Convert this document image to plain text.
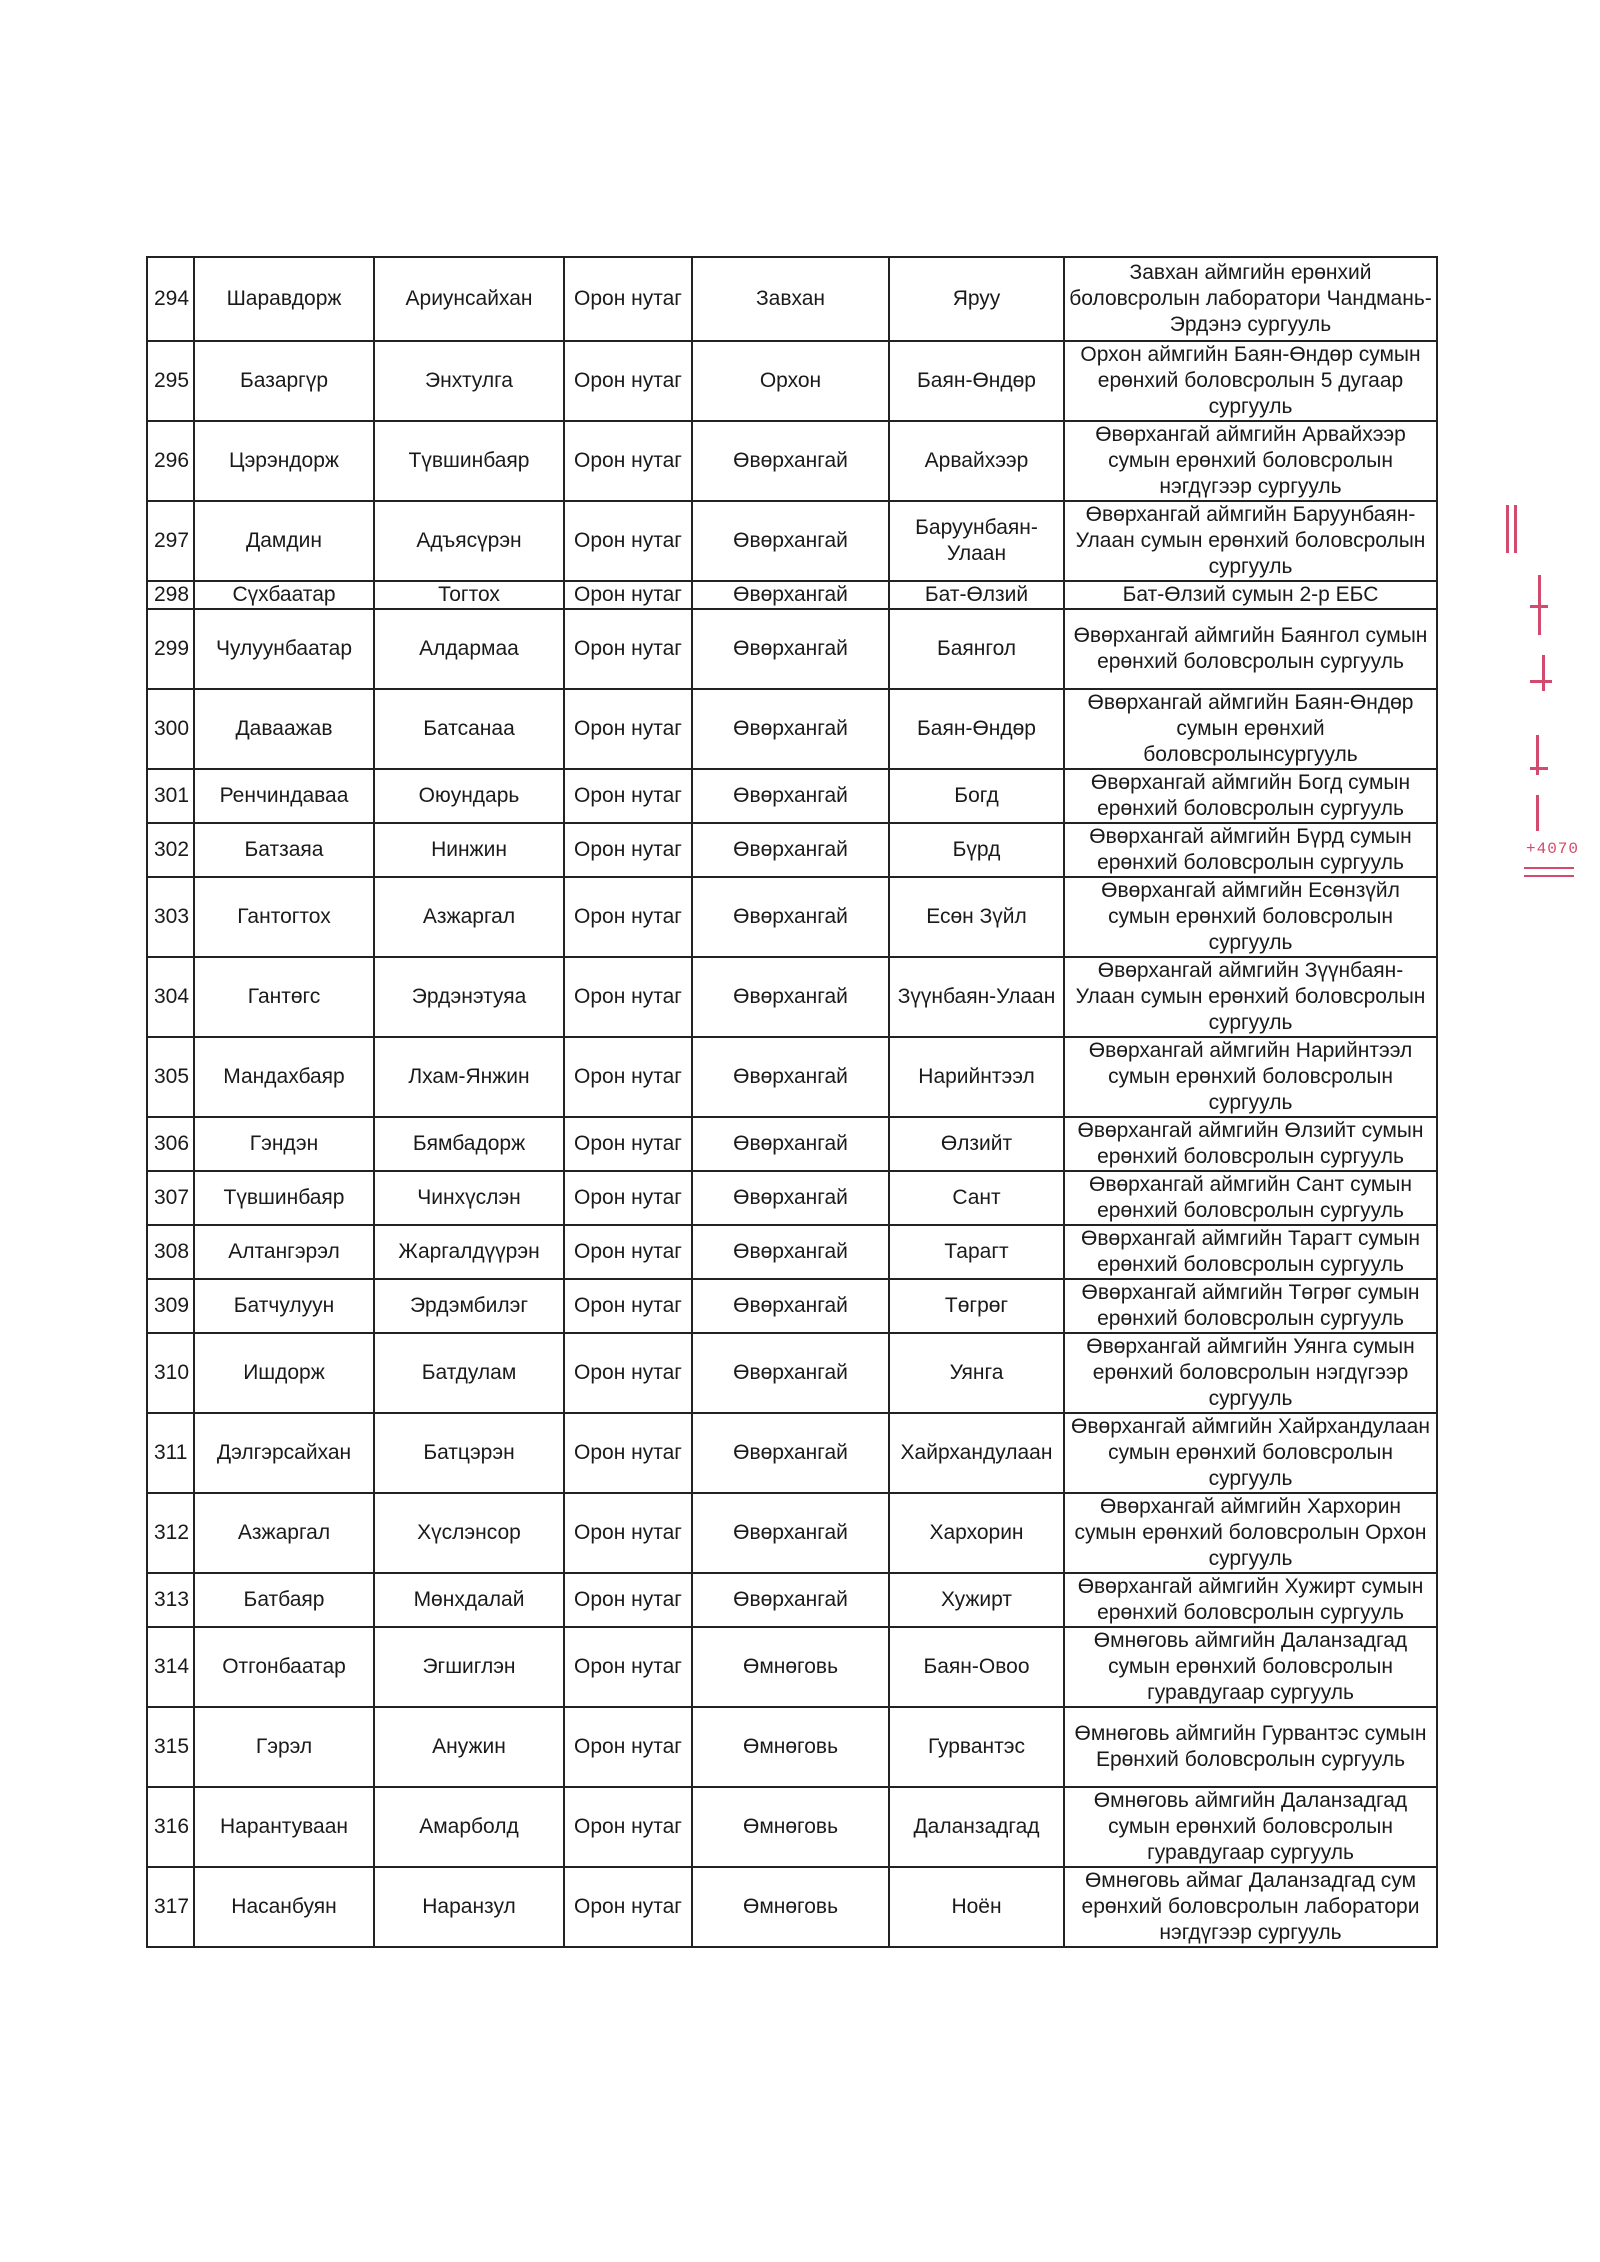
294	Шаравдорж	Ариунсайхан	Орон нутаг	Завхан	Яруу	Завхан аймгийн ерөнхий боловсролын лаборатори Чандмань-Эрдэнэ сургууль
295	Базаргүр	Энхтулга	Орон нутаг	Орхон	Баян-Өндөр	Орхон аймгийн Баян-Өндөр сумын ерөнхий боловсролын 5 дугаар сургууль
296	Цэрэндорж	Түвшинбаяр	Орон нутаг	Өвөрхангай	Арвайхээр	Өвөрхангай аймгийн Арвайхээр сумын ерөнхий боловсролын нэгдүгээр сургууль
297	Дамдин	Адъясүрэн	Орон нутаг	Өвөрхангай	Баруунбаян-Улаан	Өвөрхангай аймгийн Баруунбаян-Улаан сумын ерөнхий боловсролын сургууль
298	Сүхбаатар	Тогтох	Орон нутаг	Өвөрхангай	Бат-Өлзий	Бат-Өлзий сумын 2-р ЕБС
299	Чулуунбаатар	Алдармаа	Орон нутаг	Өвөрхангай	Баянгол	Өвөрхангай аймгийн Баянгол сумын ерөнхий боловсролын сургууль
300	Даваажав	Батсанаа	Орон нутаг	Өвөрхангай	Баян-Өндөр	Өвөрхангай аймгийн Баян-Өндөр сумын ерөнхий боловсролынсургууль
301	Ренчиндаваа	Оюундарь	Орон нутаг	Өвөрхангай	Богд	Өвөрхангай аймгийн Богд сумын ерөнхий боловсролын сургууль
302	Батзаяа	Нинжин	Орон нутаг	Өвөрхангай	Бүрд	Өвөрхангай аймгийн Бүрд сумын ерөнхий боловсролын сургууль
303	Гантогтох	Азжаргал	Орон нутаг	Өвөрхангай	Есөн Зүйл	Өвөрхангай аймгийн Есөнзүйл сумын ерөнхий боловсролын сургууль
304	Гантөгс	Эрдэнэтуяа	Орон нутаг	Өвөрхангай	Зүүнбаян-Улаан	Өвөрхангай аймгийн Зүүнбаян-Улаан сумын ерөнхий боловсролын сургууль
305	Мандахбаяр	Лхам-Янжин	Орон нутаг	Өвөрхангай	Нарийнтээл	Өвөрхангай аймгийн Нарийнтээл сумын ерөнхий боловсролын сургууль
306	Гэндэн	Бямбадорж	Орон нутаг	Өвөрхангай	Өлзийт	Өвөрхангай аймгийн Өлзийт сумын ерөнхий боловсролын сургууль
307	Түвшинбаяр	Чинхүслэн	Орон нутаг	Өвөрхангай	Сант	Өвөрхангай аймгийн Сант сумын ерөнхий боловсролын сургууль
308	Алтангэрэл	Жаргалдүүрэн	Орон нутаг	Өвөрхангай	Тарагт	Өвөрхангай аймгийн Тарагт сумын ерөнхий боловсролын сургууль
309	Батчулуун	Эрдэмбилэг	Орон нутаг	Өвөрхангай	Төгрөг	Өвөрхангай аймгийн Төгрөг сумын ерөнхий боловсролын сургууль
310	Ишдорж	Батдулам	Орон нутаг	Өвөрхангай	Уянга	Өвөрхангай аймгийн Уянга сумын ерөнхий боловсролын нэгдүгээр сургууль
311	Дэлгэрсайхан	Батцэрэн	Орон нутаг	Өвөрхангай	Хайрхандулаан	Өвөрхангай аймгийн Хайрхандулаан сумын ерөнхий боловсролын сургууль
312	Азжаргал	Хүслэнсор	Орон нутаг	Өвөрхангай	Хархорин	Өвөрхангай аймгийн Хархорин сумын ерөнхий боловсролын Орхон сургууль
313	Батбаяр	Мөнхдалай	Орон нутаг	Өвөрхангай	Хужирт	Өвөрхангай аймгийн Хужирт сумын ерөнхий боловсролын сургууль
314	Отгонбаатар	Эгшиглэн	Орон нутаг	Өмнөговь	Баян-Овоо	Өмнөговь аймгийн Даланзадгад сумын ерөнхий боловсролын гуравдугаар сургууль
315	Гэрэл	Анужин	Орон нутаг	Өмнөговь	Гурвантэс	Өмнөговь аймгийн Гурвантэс сумын Ерөнхий боловсролын сургууль
316	Нарантуваан	Амарболд	Орон нутаг	Өмнөговь	Даланзадгад	Өмнөговь аймгийн Даланзадгад сумын ерөнхий боловсролын гуравдугаар сургууль
317	Насанбуян	Наранзул	Орон нутаг	Өмнөговь	Ноён	Өмнөговь аймаг Даланзадгад сум ерөнхий боловсролын лаборатори нэгдүгээр сургууль
+4070
